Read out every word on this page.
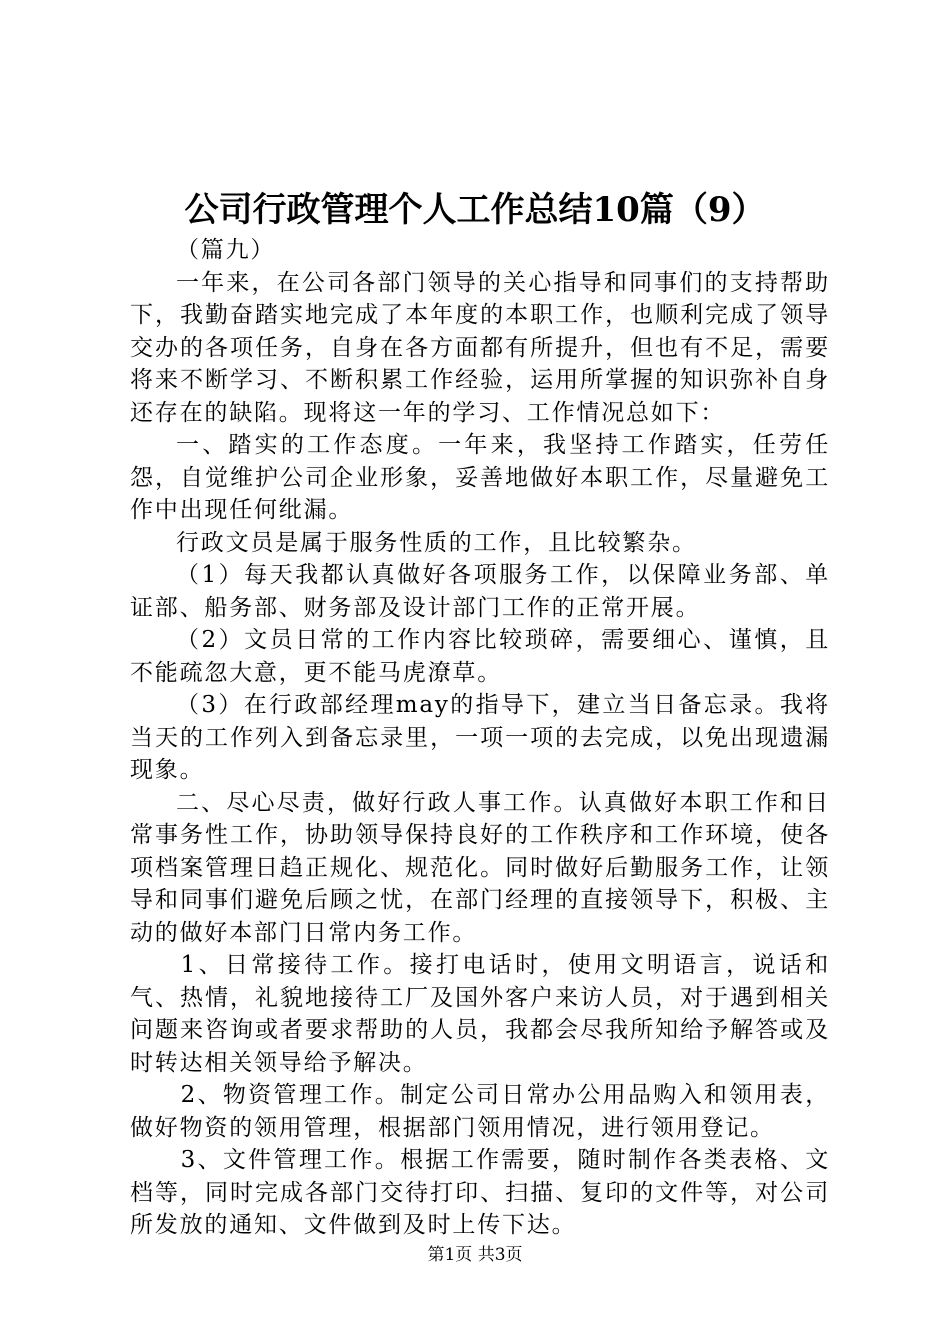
公司行政管理个人工作总结10篇（9）

（篇九）

一年来，在公司各部门领导的关心指导和同事们的支持帮助下，我勤奋踏实地完成了本年度的本职工作，也顺利完成了领导交办的各项任务，自身在各方面都有所提升，但也有不足，需要将来不断学习、不断积累工作经验，运用所掌握的知识弥补自身还存在的缺陷。现将这一年的学习、工作情况总如下：

一、踏实的工作态度。一年来，我坚持工作踏实，任劳任怨，自觉维护公司企业形象，妥善地做好本职工作，尽量避免工作中出现任何纰漏。

行政文员是属于服务性质的工作，且比较繁杂。

（1）每天我都认真做好各项服务工作，以保障业务部、单证部、船务部、财务部及设计部门工作的正常开展。

（2）文员日常的工作内容比较琐碎，需要细心、谨慎，且不能疏忽大意，更不能马虎潦草。

（3）在行政部经理may的指导下，建立当日备忘录。我将当天的工作列入到备忘录里，一项一项的去完成，以免出现遗漏现象。

二、尽心尽责，做好行政人事工作。认真做好本职工作和日常事务性工作，协助领导保持良好的工作秩序和工作环境，使各项档案管理日趋正规化、规范化。同时做好后勤服务工作，让领导和同事们避免后顾之忧，在部门经理的直接领导下，积极、主动的做好本部门日常内务工作。

1、日常接待工作。接打电话时，使用文明语言，说话和气、热情，礼貌地接待工厂及国外客户来访人员，对于遇到相关问题来咨询或者要求帮助的人员，我都会尽我所知给予解答或及时转达相关领导给予解决。

2、物资管理工作。制定公司日常办公用品购入和领用表，做好物资的领用管理，根据部门领用情况，进行领用登记。

3、文件管理工作。根据工作需要，随时制作各类表格、文档等，同时完成各部门交待打印、扫描、复印的文件等，对公司所发放的通知、文件做到及时上传下达。

第1页 共3页
